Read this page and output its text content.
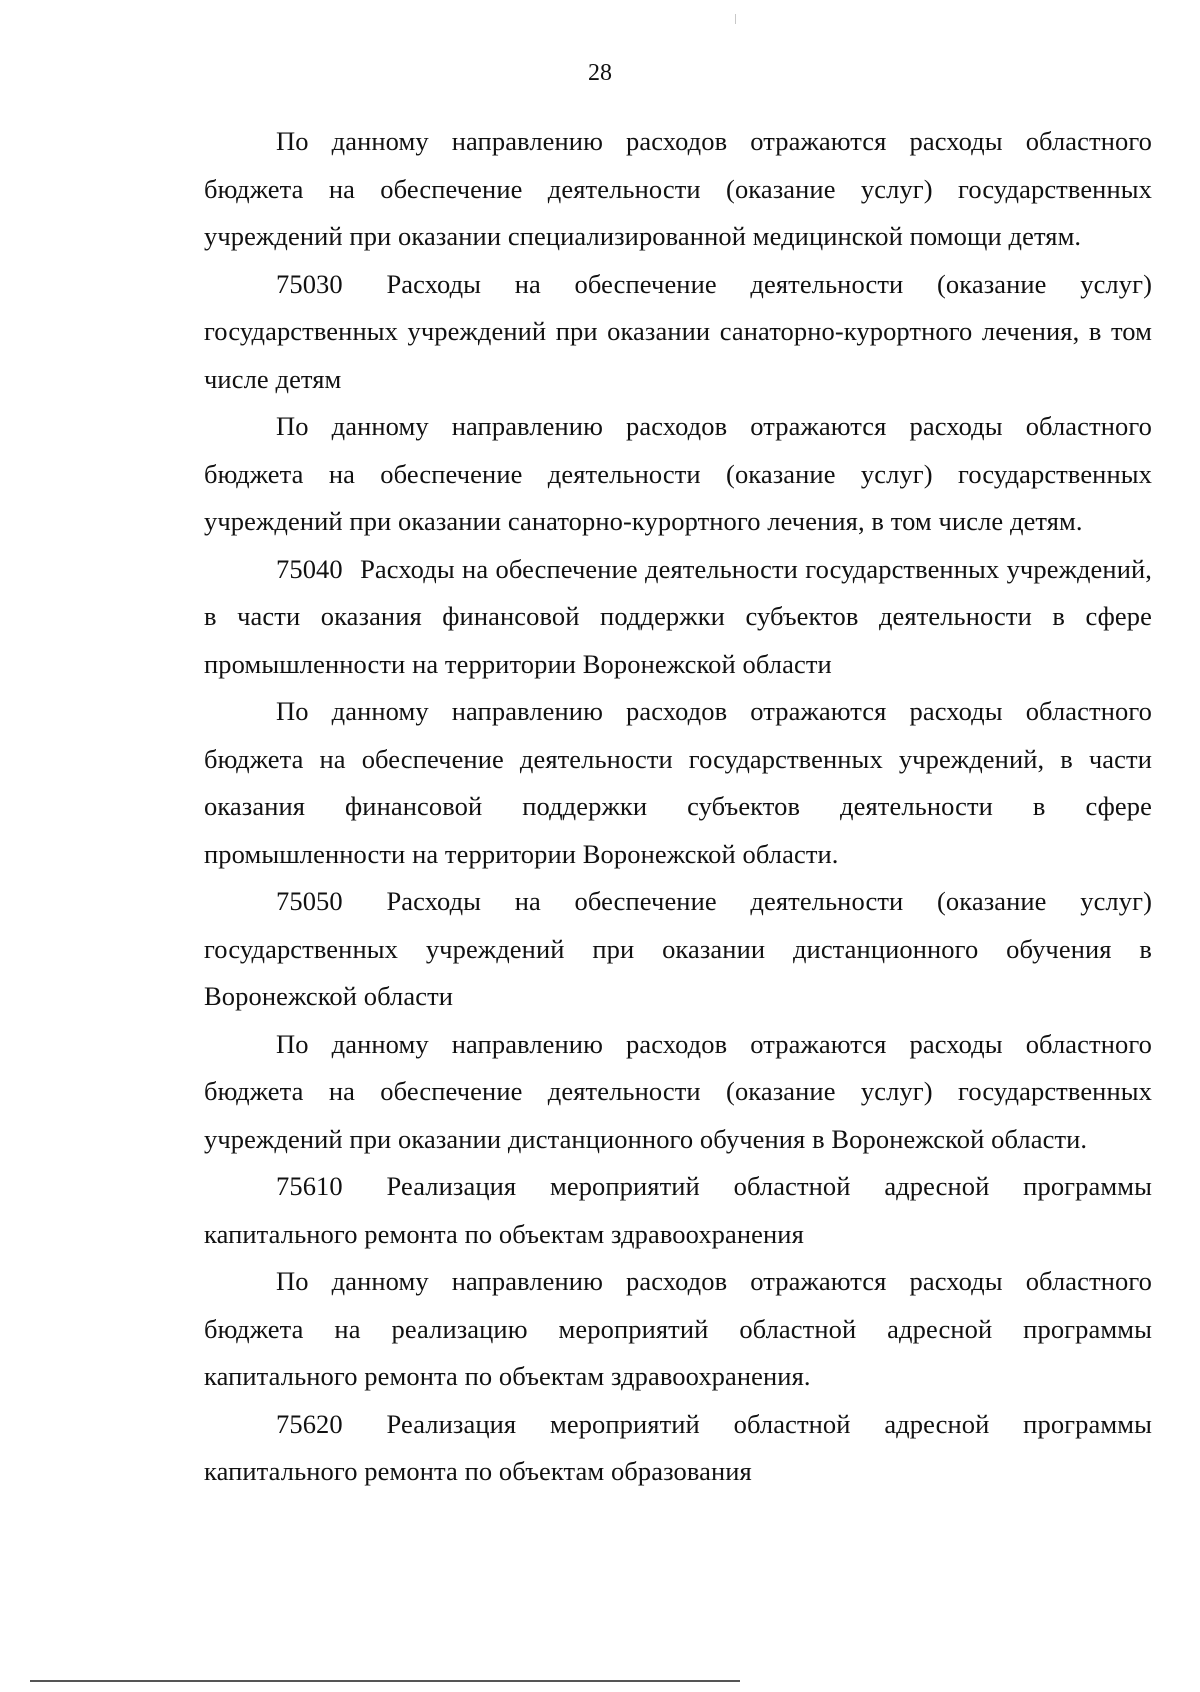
28

По данному направлению расходов отражаются расходы областного бюджета на обеспечение деятельности (оказание услуг) государственных учреждений при оказании специализированной медицинской помощи детям.

75030 Расходы на обеспечение деятельности (оказание услуг) государственных учреждений при оказании санаторно-курортного лечения, в том числе детям

По данному направлению расходов отражаются расходы областного бюджета на обеспечение деятельности (оказание услуг) государственных учреждений при оказании санаторно-курортного лечения, в том числе детям.

75040 Расходы на обеспечение деятельности государственных учреждений, в части оказания финансовой поддержки субъектов деятельности в сфере промышленности на территории Воронежской области

По данному направлению расходов отражаются расходы областного бюджета на обеспечение деятельности государственных учреждений, в части оказания финансовой поддержки субъектов деятельности в сфере промышленности на территории Воронежской области.

75050 Расходы на обеспечение деятельности (оказание услуг) государственных учреждений при оказании дистанционного обучения в Воронежской области

По данному направлению расходов отражаются расходы областного бюджета на обеспечение деятельности (оказание услуг) государственных учреждений при оказании дистанционного обучения в Воронежской области.

75610 Реализация мероприятий областной адресной программы капитального ремонта по объектам здравоохранения

По данному направлению расходов отражаются расходы областного бюджета на реализацию мероприятий областной адресной программы капитального ремонта по объектам здравоохранения.

75620 Реализация мероприятий областной адресной программы капитального ремонта по объектам образования
